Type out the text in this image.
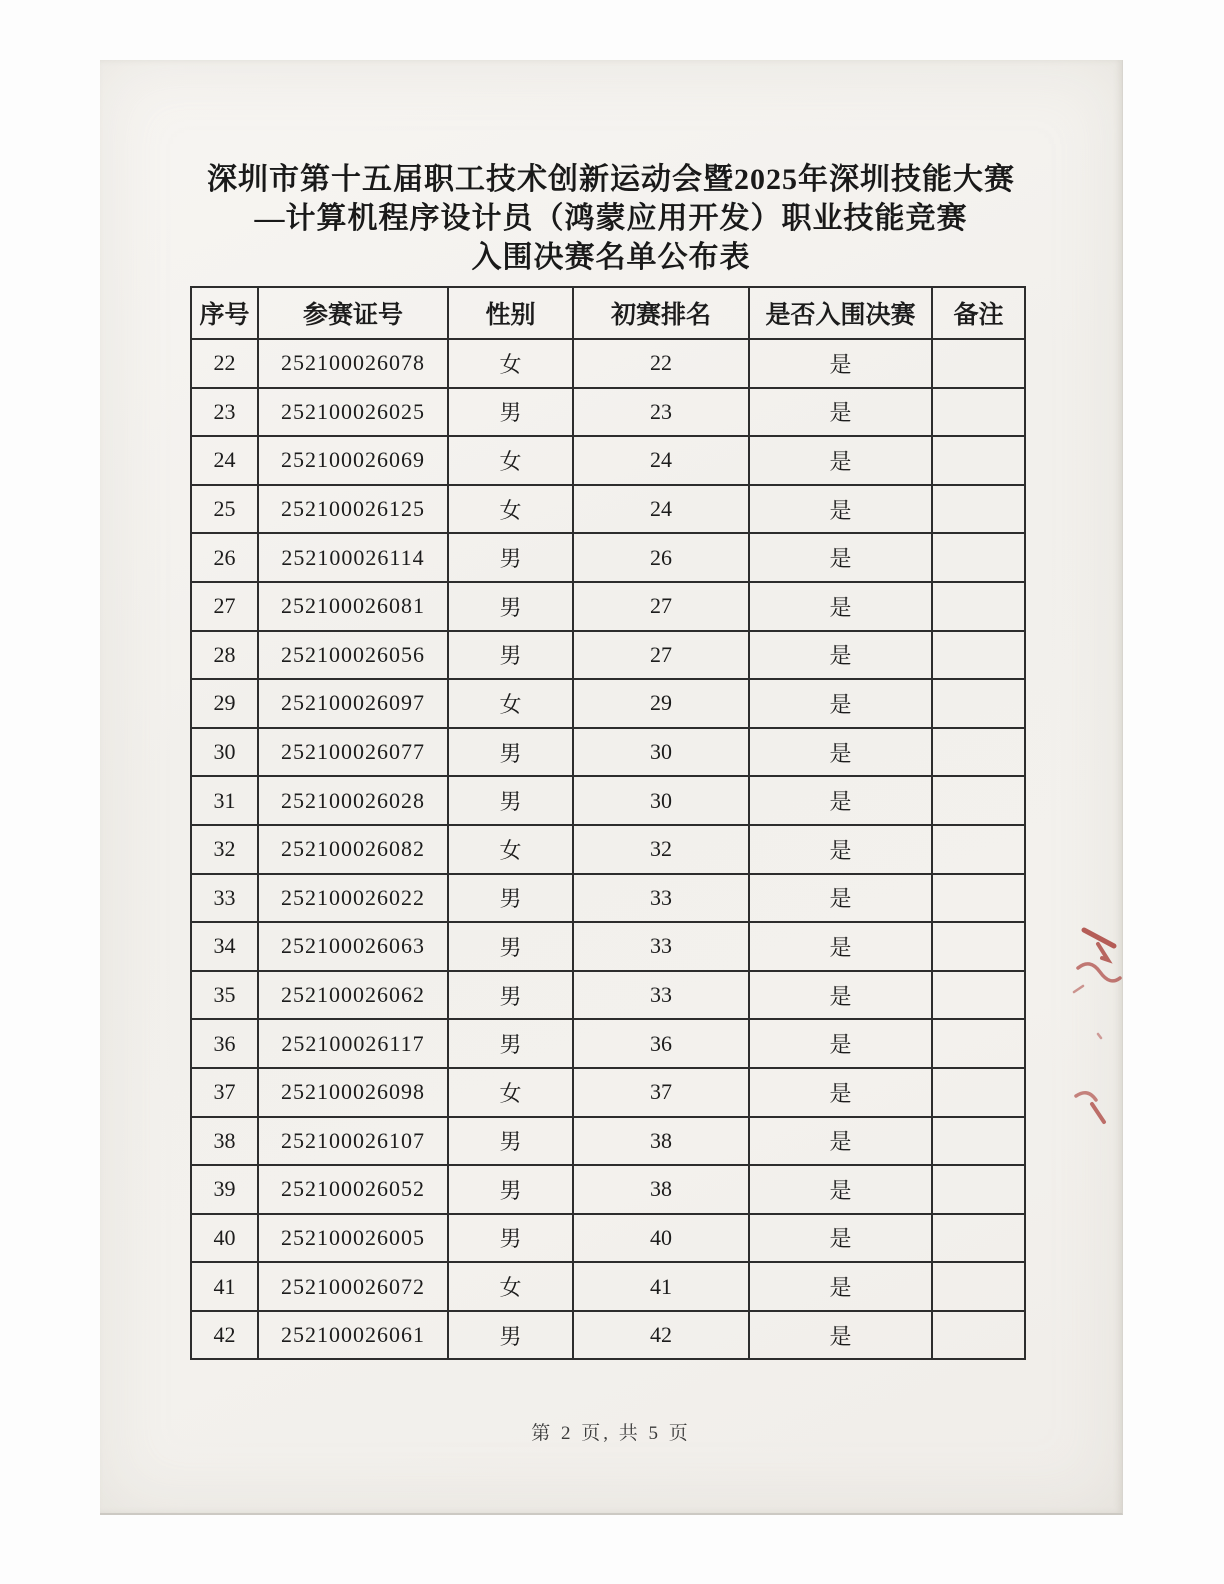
深圳市第十五届职工技术创新运动会暨2025年深圳技能大赛
—计算机程序设计员（鸿蒙应用开发）职业技能竞赛
入围决赛名单公布表
序号	参赛证号	性别	初赛排名	是否入围决赛	备注
22	252100026078	女	22	是	
23	252100026025	男	23	是	
24	252100026069	女	24	是	
25	252100026125	女	24	是	
26	252100026114	男	26	是	
27	252100026081	男	27	是	
28	252100026056	男	27	是	
29	252100026097	女	29	是	
30	252100026077	男	30	是	
31	252100026028	男	30	是	
32	252100026082	女	32	是	
33	252100026022	男	33	是	
34	252100026063	男	33	是	
35	252100026062	男	33	是	
36	252100026117	男	36	是	
37	252100026098	女	37	是	
38	252100026107	男	38	是	
39	252100026052	男	38	是	
40	252100026005	男	40	是	
41	252100026072	女	41	是	
42	252100026061	男	42	是	
第 2 页, 共 5 页
